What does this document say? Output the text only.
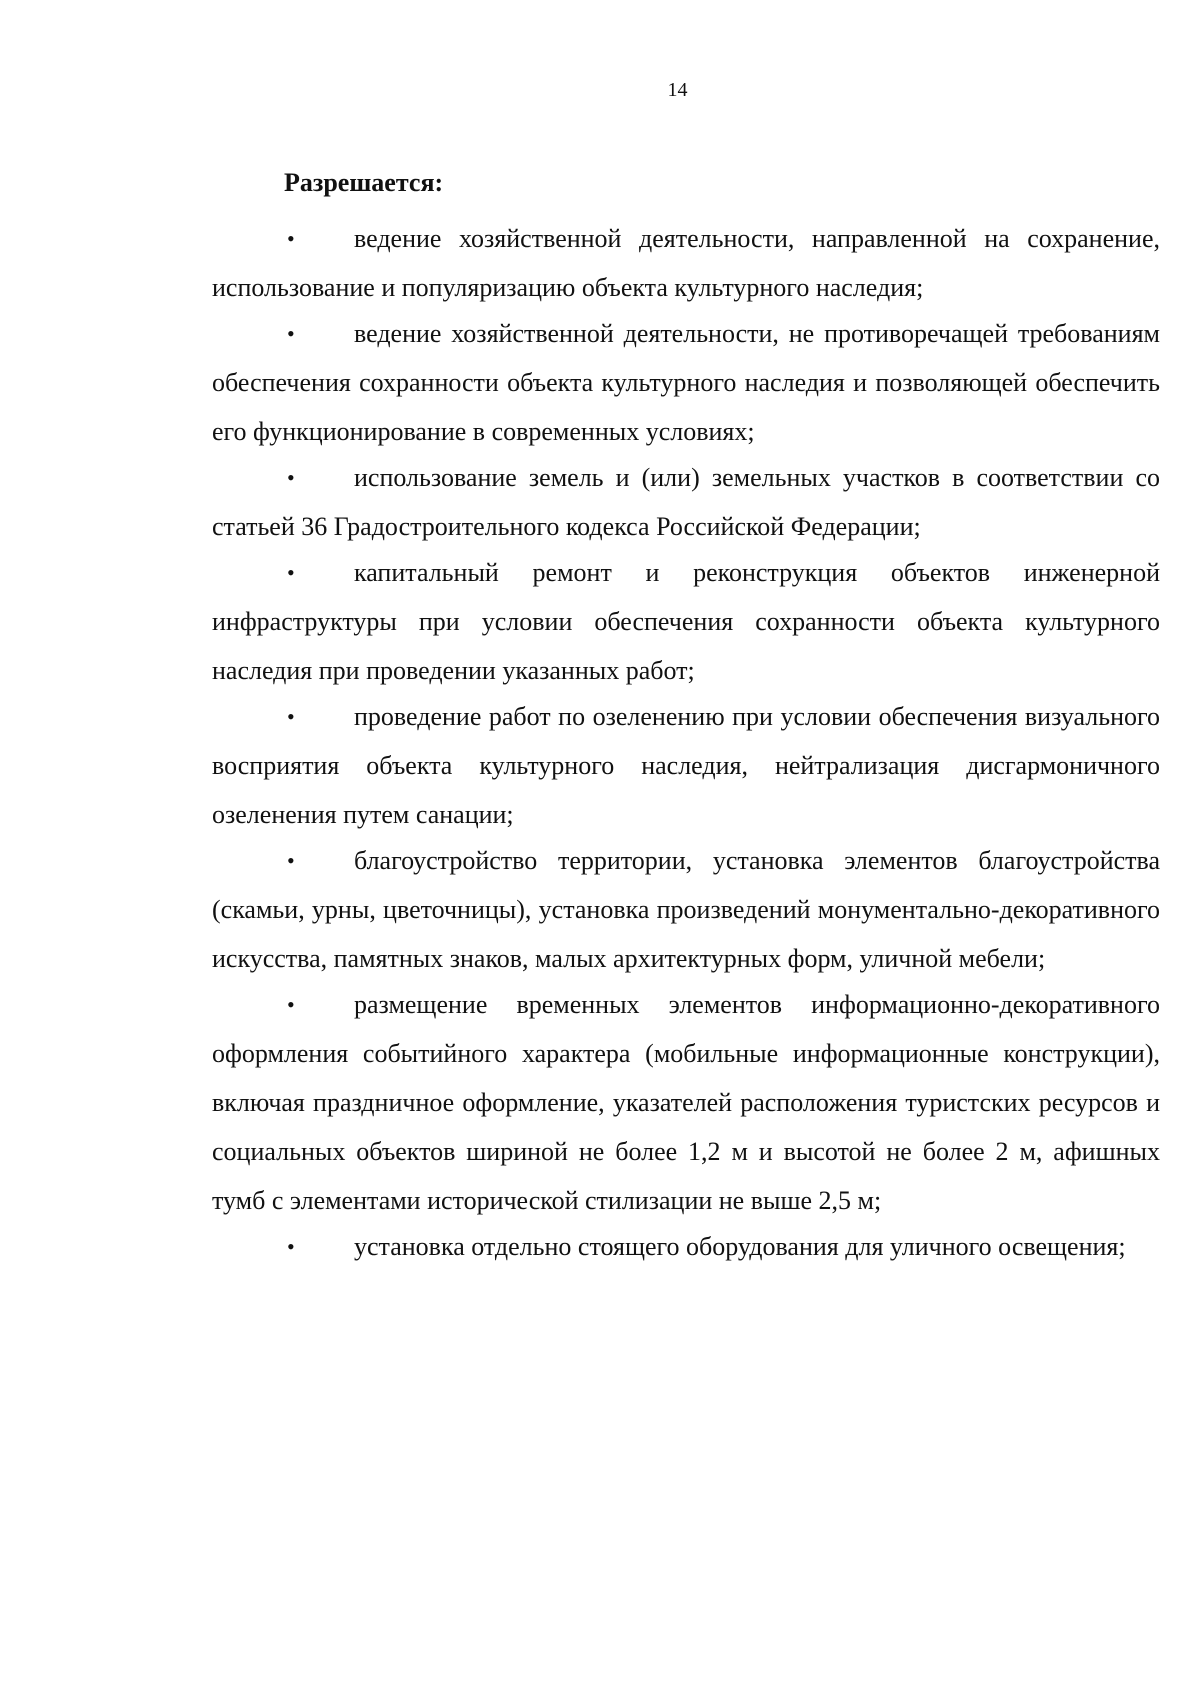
14
Разрешается:
• ведение хозяйственной деятельности, направленной на сохранение, использование и популяризацию объекта культурного наследия;
• ведение хозяйственной деятельности, не противоречащей требованиям обеспечения сохранности объекта культурного наследия и позволяющей обеспечить его функционирование в современных условиях;
• использование земель и (или) земельных участков в соответствии со статьей 36 Градостроительного кодекса Российской Федерации;
• капитальный ремонт и реконструкция объектов инженерной инфраструктуры при условии обеспечения сохранности объекта культурного наследия при проведении указанных работ;
• проведение работ по озеленению при условии обеспечения визуального восприятия объекта культурного наследия, нейтрализация дисгармоничного озеленения путем санации;
• благоустройство территории, установка элементов благоустройства (скамьи, урны, цветочницы), установка произведений монументально-декоративного искусства, памятных знаков, малых архитектурных форм, уличной мебели;
• размещение временных элементов информационно-декоративного оформления событийного характера (мобильные информационные конструкции), включая праздничное оформление, указателей расположения туристских ресурсов и социальных объектов шириной не более 1,2 м и высотой не более 2 м, афишных тумб с элементами исторической стилизации не выше 2,5 м;
• установка отдельно стоящего оборудования для уличного освещения;
